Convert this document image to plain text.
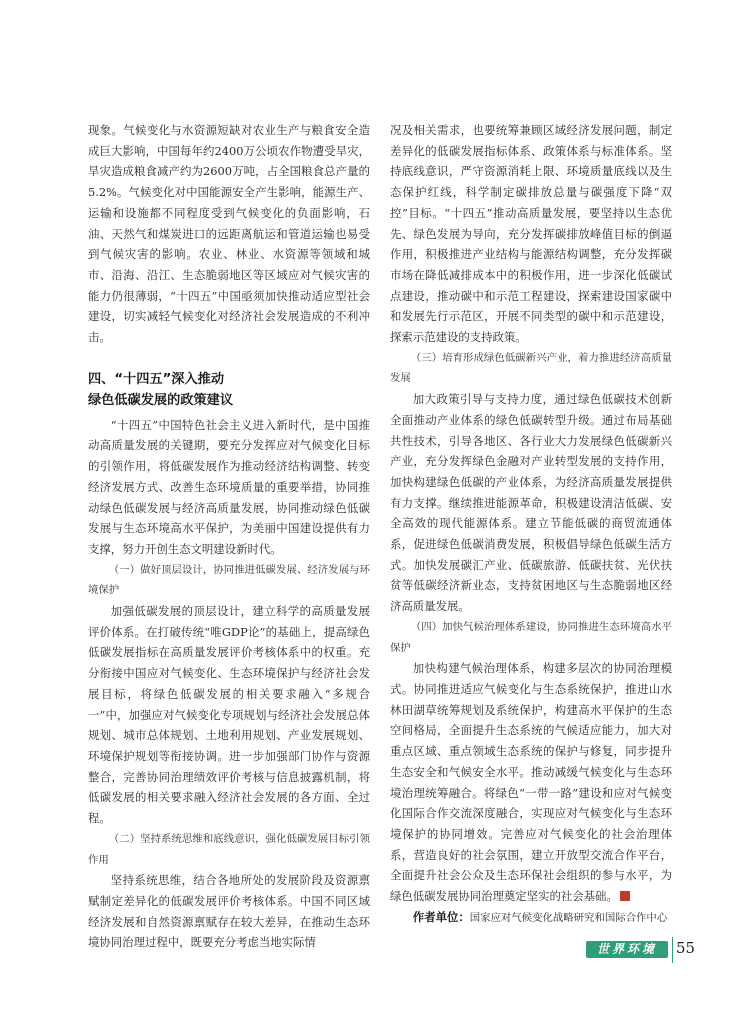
现象。气候变化与水资源短缺对农业生产与粮食安全造成巨大影响，中国每年约2400万公顷农作物遭受旱灾，旱灾造成粮食减产约为2600万吨，占全国粮食总产量的5.2%。气候变化对中国能源安全产生影响，能源生产、运输和设施都不同程度受到气候变化的负面影响，石油、天然气和煤炭进口的远距离航运和管道运输也易受到气候灾害的影响。农业、林业、水资源等领域和城市、沿海、沿江、生态脆弱地区等区域应对气候灾害的能力仍很薄弱，“十四五”中国亟须加快推动适应型社会建设，切实减轻气候变化对经济社会发展造成的不利冲击。

四、“十四五”深入推动
绿色低碳发展的政策建议

“十四五”中国特色社会主义进入新时代，是中国推动高质量发展的关键期，要充分发挥应对气候变化目标的引领作用，将低碳发展作为推动经济结构调整、转变经济发展方式、改善生态环境质量的重要举措，协同推动绿色低碳发展与经济高质量发展，协同推动绿色低碳发展与生态环境高水平保护，为美丽中国建设提供有力支撑，努力开创生态文明建设新时代。

（一）做好顶层设计，协同推进低碳发展、经济发展与环境保护

加强低碳发展的顶层设计，建立科学的高质量发展评价体系。在打破传统“唯GDP论”的基础上，提高绿色低碳发展指标在高质量发展评价考核体系中的权重。充分衔接中国应对气候变化、生态环境保护与经济社会发展目标，将绿色低碳发展的相关要求融入“多规合一”中，加强应对气候变化专项规划与经济社会发展总体规划、城市总体规划、土地利用规划、产业发展规划、环境保护规划等衔接协调。进一步加强部门协作与资源整合，完善协同治理绩效评价考核与信息披露机制，将低碳发展的相关要求融入经济社会发展的各方面、全过程。

（二）坚持系统思维和底线意识，强化低碳发展目标引领作用

坚持系统思维，结合各地所处的发展阶段及资源禀赋制定差异化的低碳发展评价考核体系。中国不同区域经济发展和自然资源禀赋存在较大差异，在推动生态环境协同治理过程中，既要充分考虑当地实际情

况及相关需求，也要统筹兼顾区域经济发展问题，制定差异化的低碳发展指标体系、政策体系与标准体系。坚持底线意识，严守资源消耗上限、环境质量底线以及生态保护红线，科学制定碳排放总量与碳强度下降“双控”目标。“十四五”推动高质量发展，要坚持以生态优先、绿色发展为导向，充分发挥碳排放峰值目标的倒逼作用，积极推进产业结构与能源结构调整，充分发挥碳市场在降低减排成本中的积极作用，进一步深化低碳试点建设，推动碳中和示范工程建设，探索建设国家碳中和发展先行示范区，开展不同类型的碳中和示范建设，探索示范建设的支持政策。

（三）培育形成绿色低碳新兴产业，着力推进经济高质量发展

加大政策引导与支持力度，通过绿色低碳技术创新全面推动产业体系的绿色低碳转型升级。通过布局基础共性技术，引导各地区、各行业大力发展绿色低碳新兴产业，充分发挥绿色金融对产业转型发展的支持作用，加快构建绿色低碳的产业体系，为经济高质量发展提供有力支撑。继续推进能源革命，积极建设清洁低碳、安全高效的现代能源体系。建立节能低碳的商贸流通体系，促进绿色低碳消费发展，积极倡导绿色低碳生活方式。加快发展碳汇产业、低碳旅游、低碳扶贫、光伏扶贫等低碳经济新业态，支持贫困地区与生态脆弱地区经济高质量发展。

（四）加快气候治理体系建设，协同推进生态环境高水平保护

加快构建气候治理体系，构建多层次的协同治理模式。协同推进适应气候变化与生态系统保护，推进山水林田湖草统筹规划及系统保护，构建高水平保护的生态空间格局，全面提升生态系统的气候适应能力，加大对重点区域、重点领域生态系统的保护与修复，同步提升生态安全和气候安全水平。推动减缓气候变化与生态环境治理统筹融合。将绿色“一带一路”建设和应对气候变化国际合作交流深度融合，实现应对气候变化与生态环境保护的协同增效。完善应对气候变化的社会治理体系，营造良好的社会氛围，建立开放型交流合作平台，全面提升社会公众及生态环保社会组织的参与水平，为绿色低碳发展协同治理奠定坚实的社会基础。

作者单位：国家应对气候变化战略研究和国际合作中心

世界环境	55
